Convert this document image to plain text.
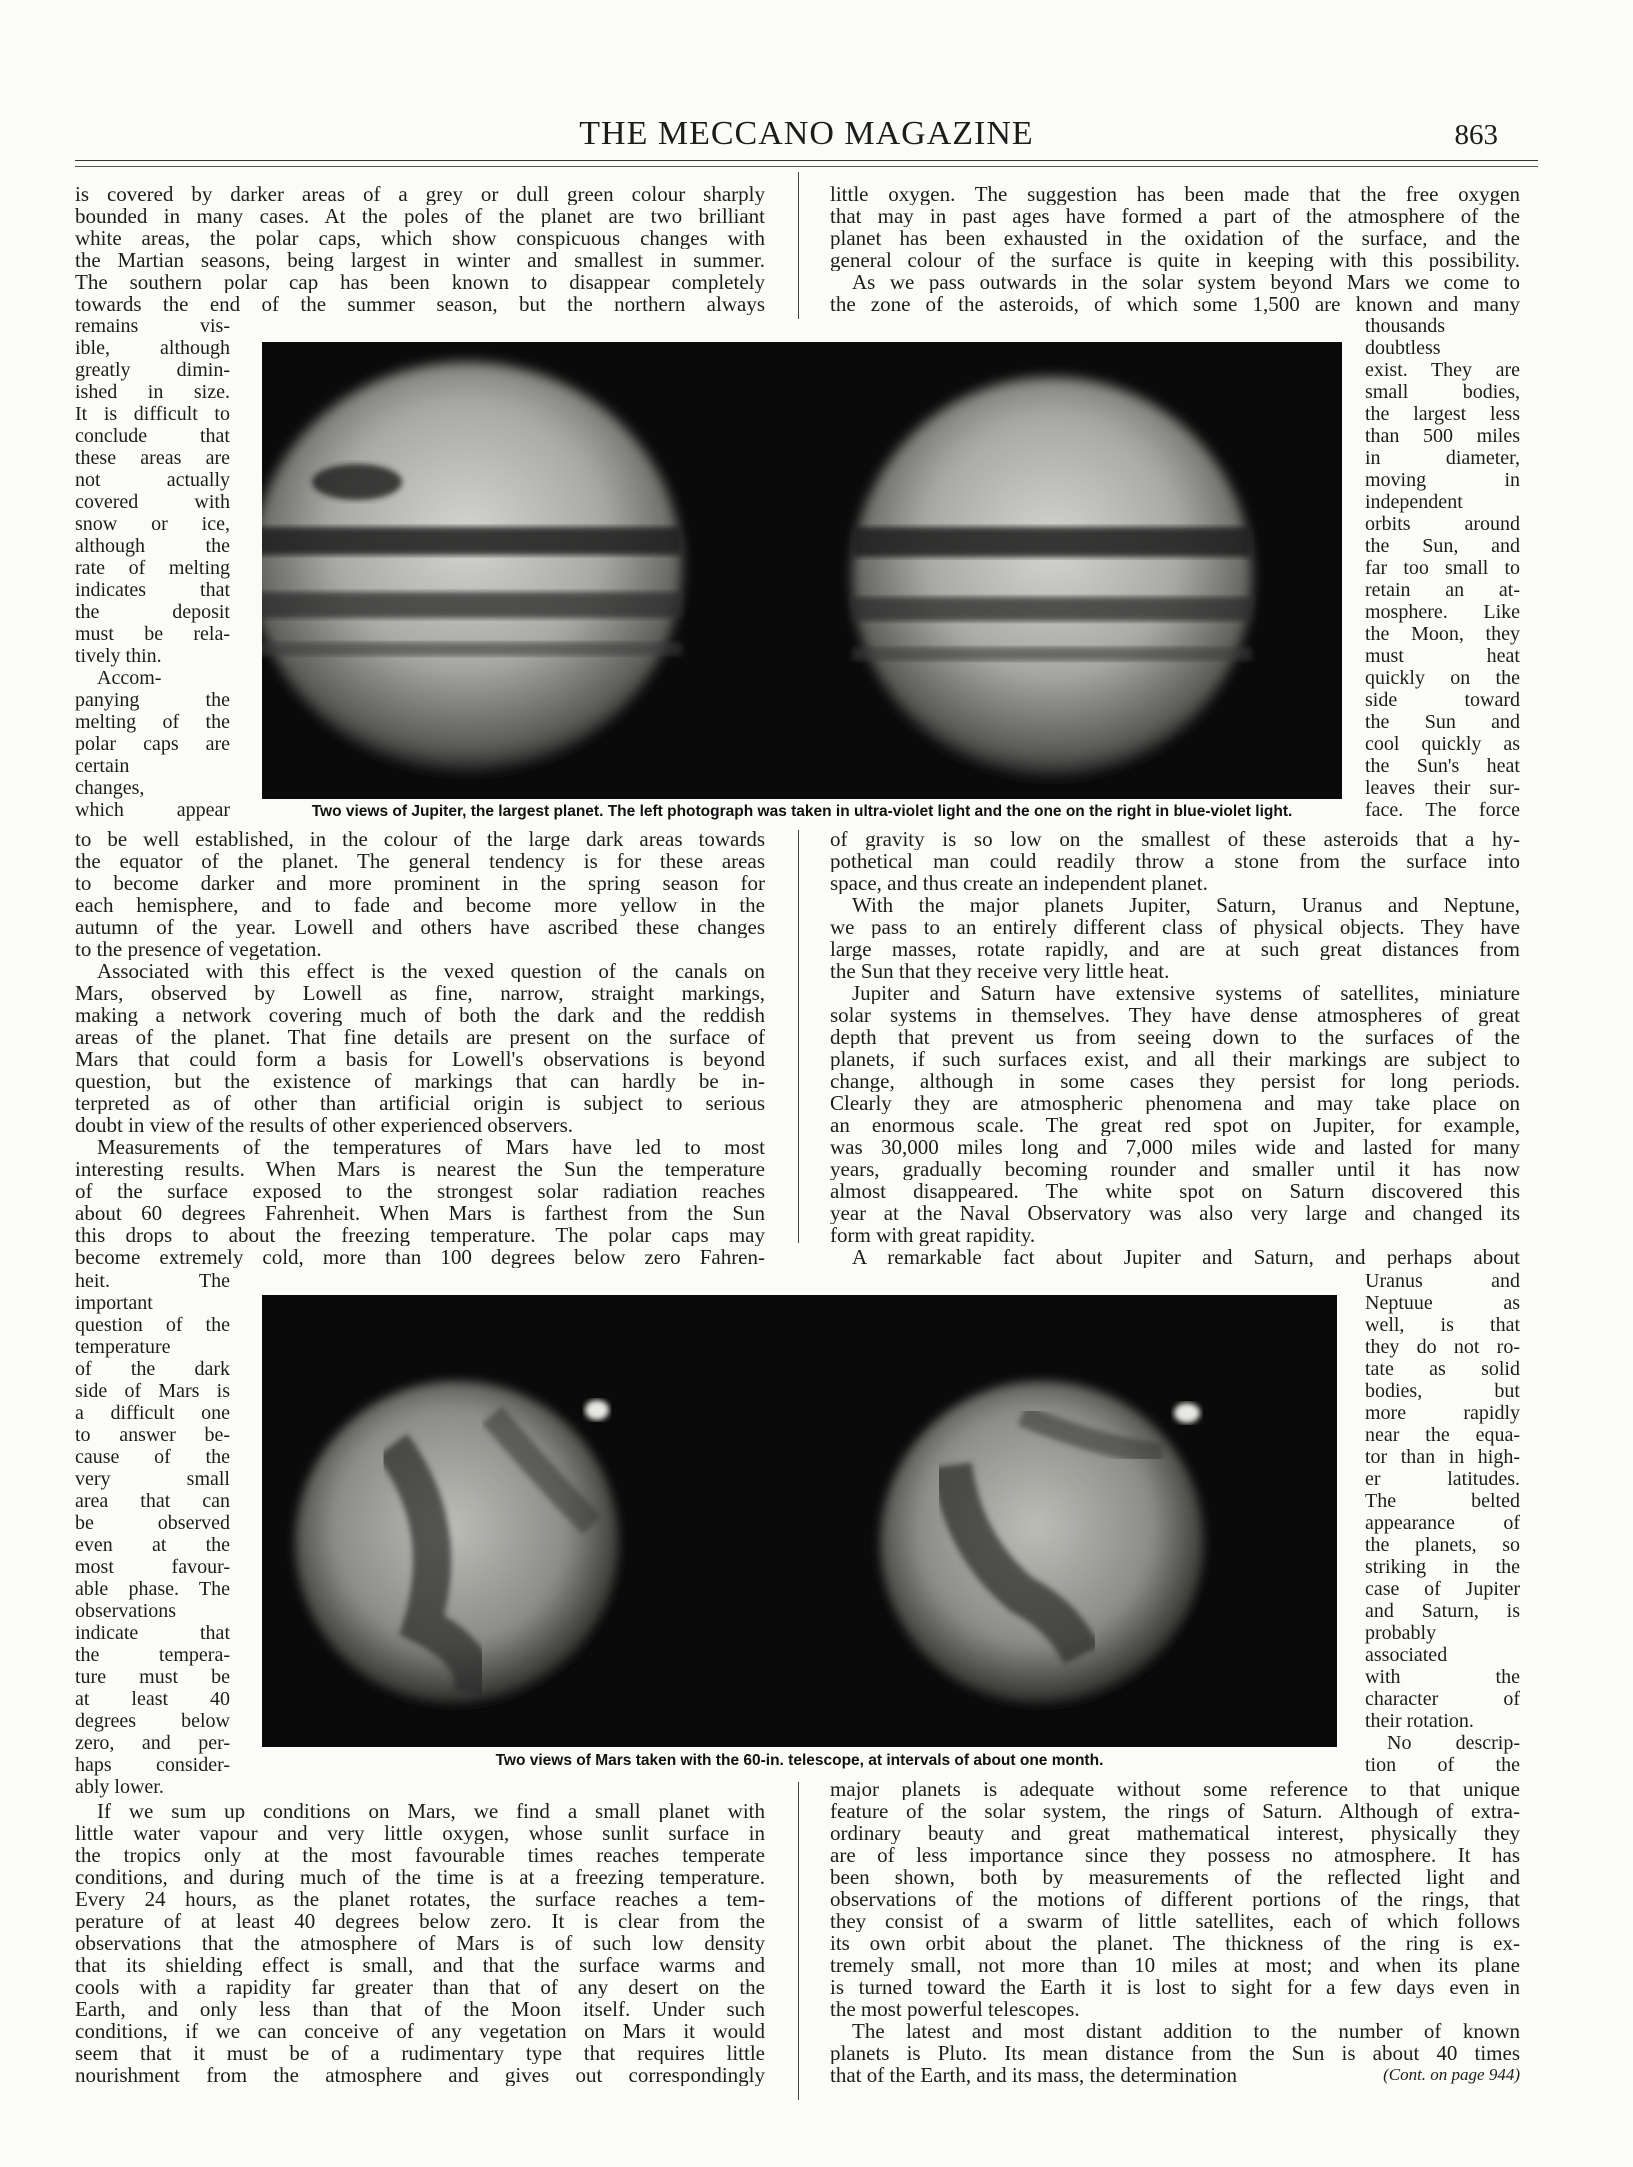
THE MECCANO MAGAZINE	863

is covered by darker areas of a grey or dull green colour sharply

bounded in many cases. At the poles of the planet are two brilliant

white areas, the polar caps, which show conspicuous changes with

the Martian seasons, being largest in winter and smallest in summer.

The southern polar cap has been known to disappear completely

towards the end of the summer season, but the northern always

remains vis-

ible, although

greatly dimin-

ished in size.

It is difficult to

conclude that

these areas are

not actually

covered with

snow or ice,

although the

rate of melting

indicates that

the deposit

must be rela-

tively thin.

Accom-

panying the

melting of the

polar caps are

certain

changes,

which appear

to be well established, in the colour of the large dark areas towards

the equator of the planet. The general tendency is for these areas

to become darker and more prominent in the spring season for

each hemisphere, and to fade and become more yellow in the

autumn of the year. Lowell and others have ascribed these changes

to the presence of vegetation.

Associated with this effect is the vexed question of the canals on

Mars, observed by Lowell as fine, narrow, straight markings,

making a network covering much of both the dark and the reddish

areas of the planet. That fine details are present on the surface of

Mars that could form a basis for Lowell's observations is beyond

question, but the existence of markings that can hardly be in-

terpreted as of other than artificial origin is subject to serious

doubt in view of the results of other experienced observers.

Measurements of the temperatures of Mars have led to most

interesting results. When Mars is nearest the Sun the temperature

of the surface exposed to the strongest solar radiation reaches

about 60 degrees Fahrenheit. When Mars is farthest from the Sun

this drops to about the freezing temperature. The polar caps may

become extremely cold, more than 100 degrees below zero Fahren-

heit. The

important

question of the

temperature

of the dark

side of Mars is

a difficult one

to answer be-

cause of the

very small

area that can

be observed

even at the

most favour-

able phase. The

observations

indicate that

the tempera-

ture must be

at least 40

degrees below

zero, and per-

haps consider-

ably lower.

If we sum up conditions on Mars, we find a small planet with

little water vapour and very little oxygen, whose sunlit surface in

the tropics only at the most favourable times reaches temperate

conditions, and during much of the time is at a freezing temperature.

Every 24 hours, as the planet rotates, the surface reaches a tem-

perature of at least 40 degrees below zero. It is clear from the

observations that the atmosphere of Mars is of such low density

that its shielding effect is small, and that the surface warms and

cools with a rapidity far greater than that of any desert on the

Earth, and only less than that of the Moon itself. Under such

conditions, if we can conceive of any vegetation on Mars it would

seem that it must be of a rudimentary type that requires little

nourishment from the atmosphere and gives out correspondingly

little oxygen. The suggestion has been made that the free oxygen

that may in past ages have formed a part of the atmosphere of the

planet has been exhausted in the oxidation of the surface, and the

general colour of the surface is quite in keeping with this possibility.

As we pass outwards in the solar system beyond Mars we come to

the zone of the asteroids, of which some 1,500 are known and many

thousands

doubtless

exist. They are

small bodies,

the largest less

than 500 miles

in diameter,

moving in

independent

orbits around

the Sun, and

far too small to

retain an at-

mosphere. Like

the Moon, they

must heat

quickly on the

side toward

the Sun and

cool quickly as

the Sun's heat

leaves their sur-

face. The force

of gravity is so low on the smallest of these asteroids that a hy-

pothetical man could readily throw a stone from the surface into

space, and thus create an independent planet.

With the major planets Jupiter, Saturn, Uranus and Neptune,

we pass to an entirely different class of physical objects. They have

large masses, rotate rapidly, and are at such great distances from

the Sun that they receive very little heat.

Jupiter and Saturn have extensive systems of satellites, miniature

solar systems in themselves. They have dense atmospheres of great

depth that prevent us from seeing down to the surfaces of the

planets, if such surfaces exist, and all their markings are subject to

change, although in some cases they persist for long periods.

Clearly they are atmospheric phenomena and may take place on

an enormous scale. The great red spot on Jupiter, for example,

was 30,000 miles long and 7,000 miles wide and lasted for many

years, gradually becoming rounder and smaller until it has now

almost disappeared. The white spot on Saturn discovered this

year at the Naval Observatory was also very large and changed its

form with great rapidity.

A remarkable fact about Jupiter and Saturn, and perhaps about

Uranus and

Neptuue as

well, is that

they do not ro-

tate as solid

bodies, but

more rapidly

near the equa-

tor than in high-

er latitudes.

The belted

appearance of

the planets, so

striking in the

case of Jupiter

and Saturn, is

probably

associated

with the

character of

their rotation.

No descrip-

tion of the

major planets is adequate without some reference to that unique

feature of the solar system, the rings of Saturn. Although of extra-

ordinary beauty and great mathematical interest, physically they

are of less importance since they possess no atmosphere. It has

been shown, both by measurements of the reflected light and

observations of the motions of different portions of the rings, that

they consist of a swarm of little satellites, each of which follows

its own orbit about the planet. The thickness of the ring is ex-

tremely small, not more than 10 miles at most; and when its plane

is turned toward the Earth it is lost to sight for a few days even in

the most powerful telescopes.

The latest and most distant addition to the number of known

planets is Pluto. Its mean distance from the Sun is about 40 times

that of the Earth, and its mass, the determination	(Cont. on page 944)

Two views of Jupiter, the largest planet. The left photograph was taken in ultra-violet light and the one on the right in blue-violet light.
Two views of Mars taken with the 60-in. telescope, at intervals of about one month.
